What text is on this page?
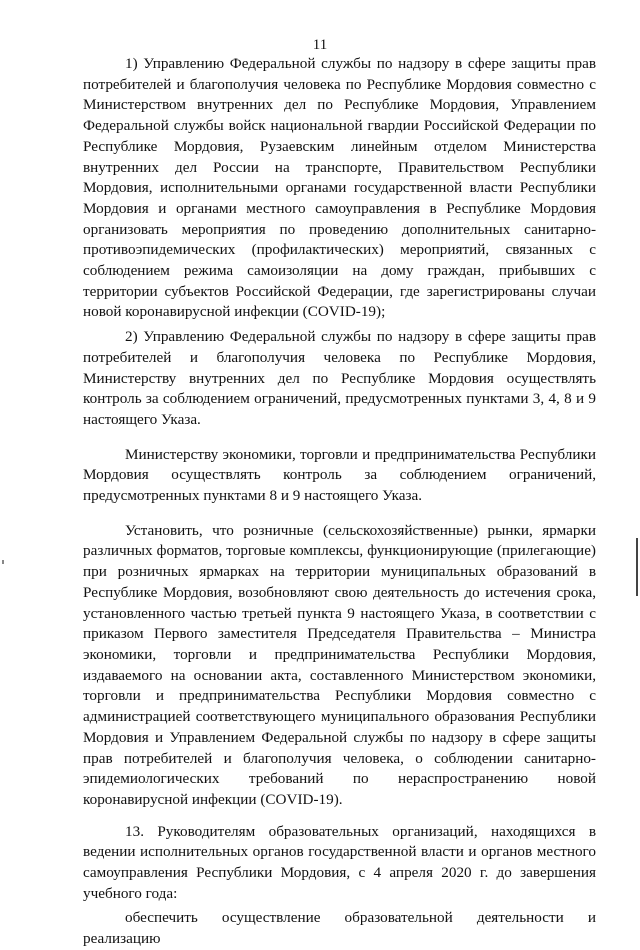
11

1) Управлению Федеральной службы по надзору в сфере защиты прав потребителей и благополучия человека по Республике Мордовия совместно с Министерством внутренних дел по Республике Мордовия, Управлением Федеральной службы войск национальной гвардии Российской Федерации по Республике Мордовия, Рузаевским линейным отделом Министерства внутренних дел России на транспорте, Правительством Республики Мордовия, исполнительными органами государственной власти Республики Мордовия и органами местного самоуправления в Республике Мордовия организовать мероприятия по проведению дополнительных санитарно-противоэпидемических (профилактических) мероприятий, связанных с соблюдением режима самоизоляции на дому граждан, прибывших с территории субъектов Российской Федерации, где зарегистрированы случаи новой коронавирусной инфекции (COVID-19);

2) Управлению Федеральной службы по надзору в сфере защиты прав потребителей и благополучия человека по Республике Мордовия, Министерству внутренних дел по Республике Мордовия осуществлять контроль за соблюдением ограничений, предусмотренных пунктами 3, 4, 8 и 9 настоящего Указа.

Министерству экономики, торговли и предпринимательства Республики Мордовия осуществлять контроль за соблюдением ограничений, предусмотренных пунктами 8 и 9 настоящего Указа.

Установить, что розничные (сельскохозяйственные) рынки, ярмарки различных форматов, торговые комплексы, функционирующие (прилегающие) при розничных ярмарках на территории муниципальных образований в Республике Мордовия, возобновляют свою деятельность до истечения срока, установленного частью третьей пункта 9 настоящего Указа, в соответствии с приказом Первого заместителя Председателя Правительства – Министра экономики, торговли и предпринимательства Республики Мордовия, издаваемого на основании акта, составленного Министерством экономики, торговли и предпринимательства Республики Мордовия совместно с администрацией соответствующего муниципального образования Республики Мордовия и Управлением Федеральной службы по надзору в сфере защиты прав потребителей и благополучия человека, о соблюдении санитарно-эпидемиологических требований по нераспространению новой коронавирусной инфекции (COVID-19).

13. Руководителям образовательных организаций, находящихся в ведении исполнительных органов государственной власти и органов местного самоуправления Республики Мордовия, с 4 апреля 2020 г. до завершения учебного года:

обеспечить осуществление образовательной деятельности и реализацию
